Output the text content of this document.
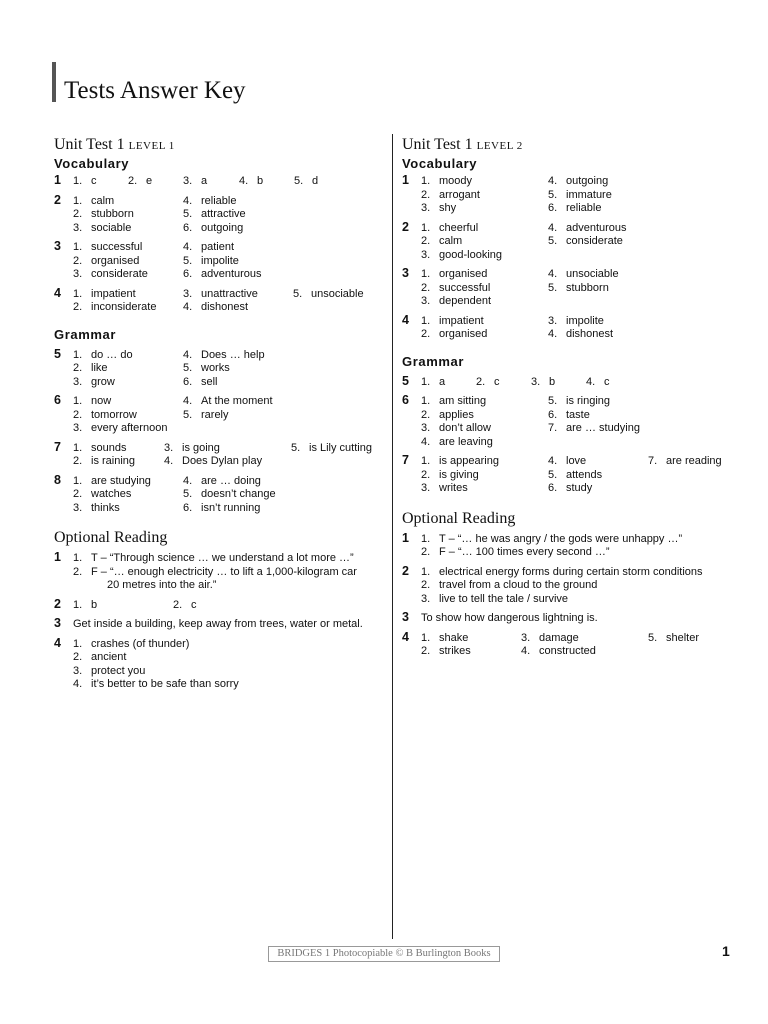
Tests Answer Key
Unit Test 1 LEVEL 1
Vocabulary
1 1. c	2. e	3. a	4. b	5. d
2 1. calm	4. reliable
2. stubborn	5. attractive
3. sociable	6. outgoing
3 1. successful	4. patient
2. organised	5. impolite
3. considerate	6. adventurous
4 1. impatient	3. unattractive	5. unsociable
2. inconsiderate 4. dishonest
Grammar
5 1. do … do	4. Does … help
2. like	5. works
3. grow	6. sell
6 1. now	4. At the moment
2. tomorrow	5. rarely
3. every afternoon
7 1. sounds	3. is going	5. is Lily cutting
2. is raining	4. Does Dylan play
8 1. are studying	4. are … doing
2. watches	5. doesn’t change
3. thinks	6. isn’t running
Optional Reading
1 1. T – “Through science … we understand a lot more …”
2. F – “… enough electricity … to lift a 1,000-kilogram car
20 metres into the air.”
2 1. b	2. c
3 Get inside a building, keep away from trees, water or metal.
4 1. crashes (of thunder)
2. ancient
3. protect you
4. it’s better to be safe than sorry
Unit Test 1 LEVEL 2
Vocabulary
1 1. moody	4. outgoing
2. arrogant	5. immature
3. shy	6. reliable
2 1. cheerful	4. adventurous
2. calm	5. considerate
3. good-looking
3 1. organised	4. unsociable
2. successful	5. stubborn
3. dependent
4 1. impatient	3. impolite
2. organised	4. dishonest
Grammar
5 1. a	2. c	3. b	4. c
6 1. am sitting	5. is ringing
2. applies	6. taste
3. don’t allow	7. are … studying
4. are leaving
7 1. is appearing	4. love	7. are reading
2. is giving	5. attends
3. writes	6. study
Optional Reading
1 1. T – “… he was angry / the gods were unhappy …”
2. F – “… 100 times every second …”
2 1. electrical energy forms during certain storm conditions
2. travel from a cloud to the ground
3. live to tell the tale / survive
3 To show how dangerous lightning is.
4 1. shake	3. damage	5. shelter
2. strikes	4. constructed
BRIDGES 1 Photocopiable © B Burlington Books	1
